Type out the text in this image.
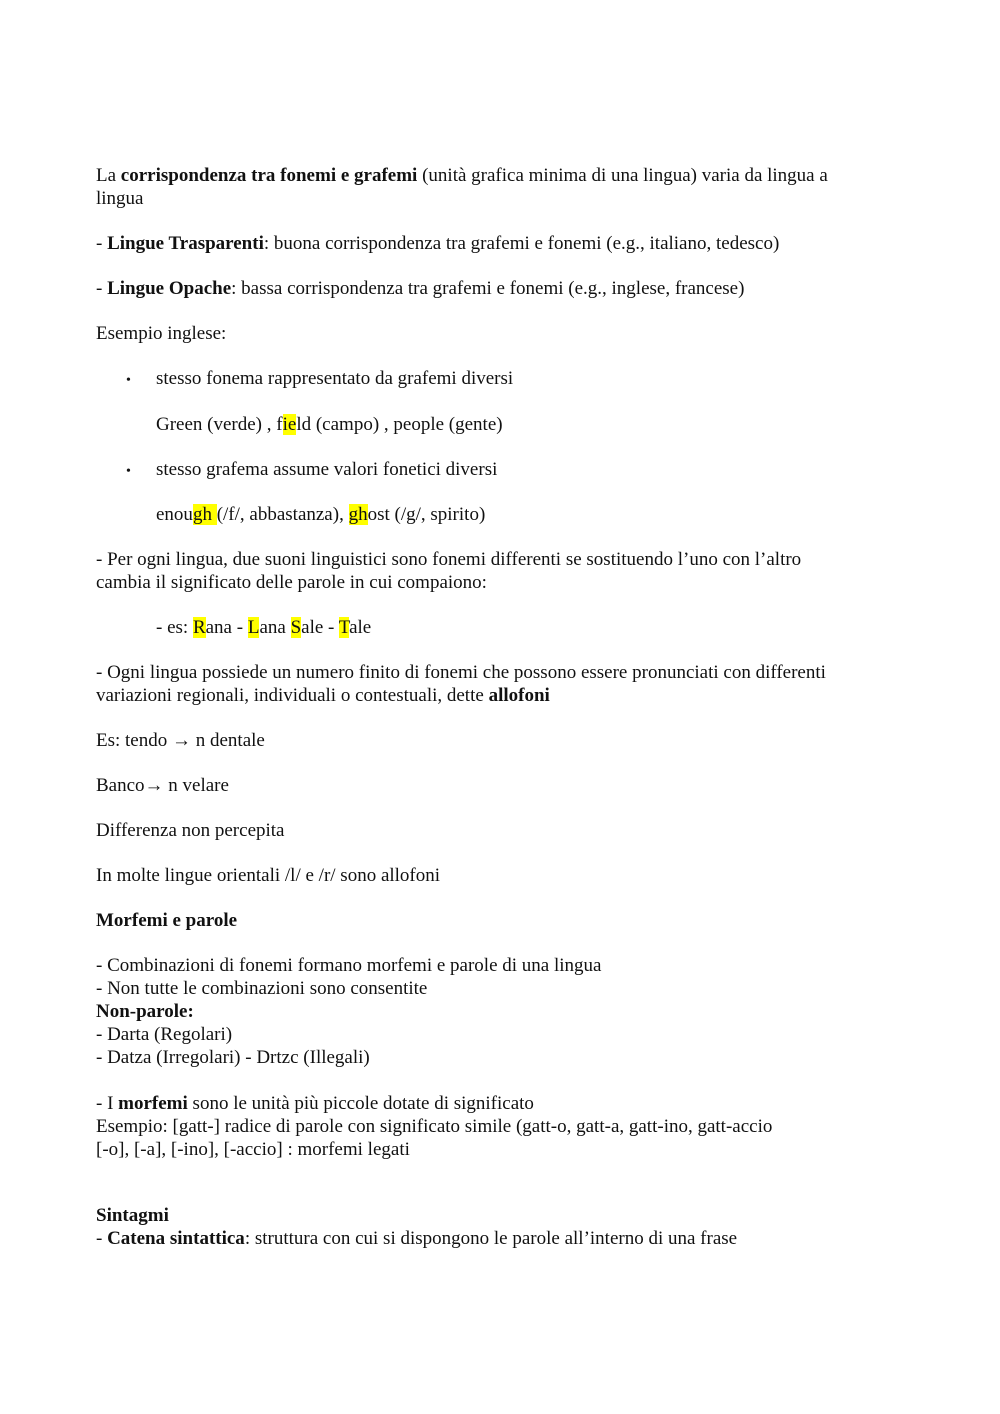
La corrispondenza tra fonemi e grafemi (unità grafica minima di una lingua) varia da lingua a
lingua
- Lingue Trasparenti: buona corrispondenza tra grafemi e fonemi (e.g., italiano, tedesco)
- Lingue Opache: bassa corrispondenza tra grafemi e fonemi (e.g., inglese, francese)
Esempio inglese:
• stesso fonema rappresentato da grafemi diversi
Green (verde) , field (campo) , people (gente)
• stesso grafema assume valori fonetici diversi
enough (/f/, abbastanza), ghost (/g/, spirito)
- Per ogni lingua, due suoni linguistici sono fonemi differenti se sostituendo l’uno con l’altro
cambia il significato delle parole in cui compaiono:
- es: Rana - Lana Sale - Tale
- Ogni lingua possiede un numero finito di fonemi che possono essere pronunciati con differenti
variazioni regionali, individuali o contestuali, dette allofoni
Es: tendo → n dentale
Banco→ n velare
Differenza non percepita
In molte lingue orientali /l/ e /r/ sono allofoni
Morfemi e parole
- Combinazioni di fonemi formano morfemi e parole di una lingua
- Non tutte le combinazioni sono consentite
Non-parole:
- Darta (Regolari)
- Datza (Irregolari) - Drtzc (Illegali)
- I morfemi sono le unità più piccole dotate di significato
Esempio: [gatt-] radice di parole con significato simile (gatt-o, gatt-a, gatt-ino, gatt-accio
[-o], [-a], [-ino], [-accio] : morfemi legati
Sintagmi
- Catena sintattica: struttura con cui si dispongono le parole all’interno di una frase
